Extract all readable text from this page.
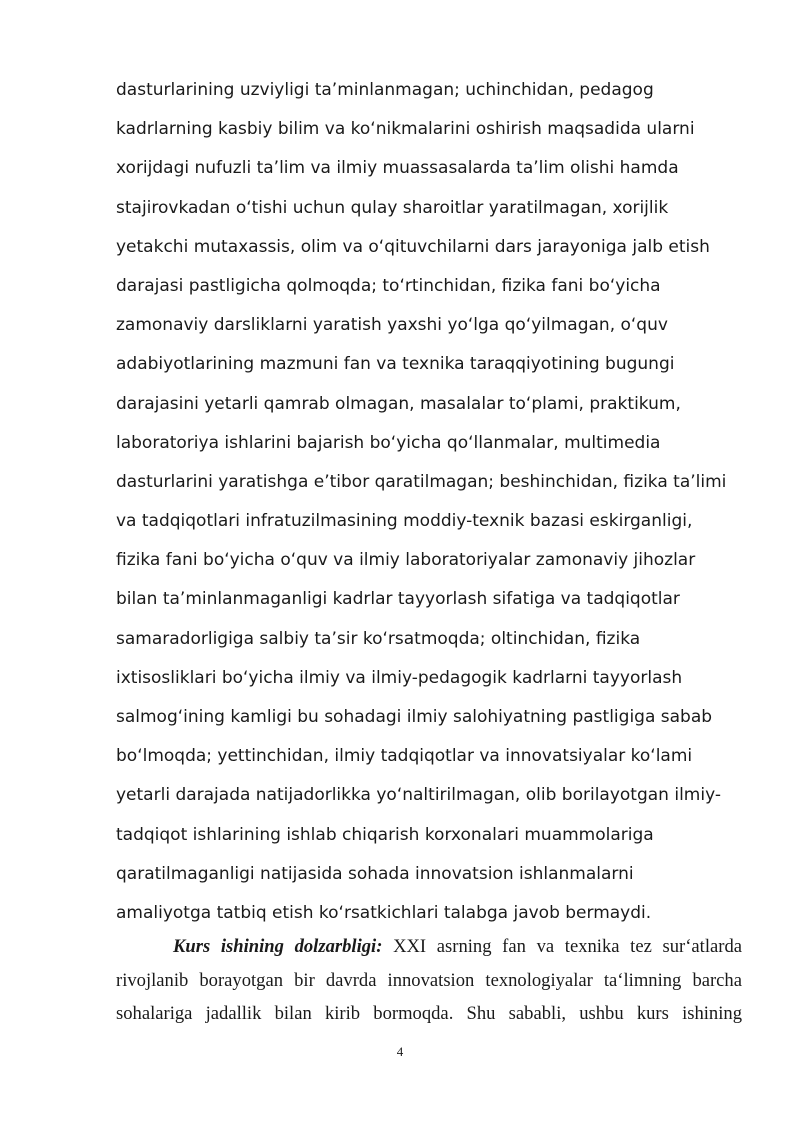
dasturlarining uzviyligi ta’minlanmagan; uchinchidan, pedagog
kadrlarning kasbiy bilim va ko‘nikmalarini oshirish maqsadida ularni
xorijdagi nufuzli ta’lim va ilmiy muassasalarda ta’lim olishi hamda
stajirovkadan o‘tishi uchun qulay sharoitlar yaratilmagan, xorijlik
yetakchi mutaxassis, olim va o‘qituvchilarni dars jarayoniga jalb etish
darajasi pastligicha qolmoqda; to‘rtinchidan, fizika fani bo‘yicha
zamonaviy darsliklarni yaratish yaxshi yo‘lga qo‘yilmagan, o‘quv
adabiyotlarining mazmuni fan va texnika taraqqiyotining bugungi
darajasini yetarli qamrab olmagan, masalalar to‘plami, praktikum,
laboratoriya ishlarini bajarish bo‘yicha qo‘llanmalar, multimedia
dasturlarini yaratishga e’tibor qaratilmagan; beshinchidan, fizika ta’limi
va tadqiqotlari infratuzilmasining moddiy-texnik bazasi eskirganligi,
fizika fani bo‘yicha o‘quv va ilmiy laboratoriyalar zamonaviy jihozlar
bilan ta’minlanmaganligi kadrlar tayyorlash sifatiga va tadqiqotlar
samaradorligiga salbiy ta’sir ko‘rsatmoqda; oltinchidan, fizika
ixtisosliklari bo‘yicha ilmiy va ilmiy-pedagogik kadrlarni tayyorlash
salmog‘ining kamligi bu sohadagi ilmiy salohiyatning pastligiga sabab
bo‘lmoqda; yettinchidan, ilmiy tadqiqotlar va innovatsiyalar ko‘lami
yetarli darajada natijadorlikka yo‘naltirilmagan, olib borilayotgan ilmiy-
tadqiqot ishlarining ishlab chiqarish korxonalari muammolariga
qaratilmaganligi natijasida sohada innovatsion ishlanmalarni
amaliyotga tatbiq etish ko‘rsatkichlari talabga javob bermaydi.
Kurs ishining dolzarbligi: XXI asrning fan va texnika tez sur‘atlarda
rivojlanib borayotgan bir davrda innovatsion texnologiyalar ta‘limning barcha
sohalariga jadallik bilan kirib bormoqda. Shu sababli, ushbu kurs ishining
4
